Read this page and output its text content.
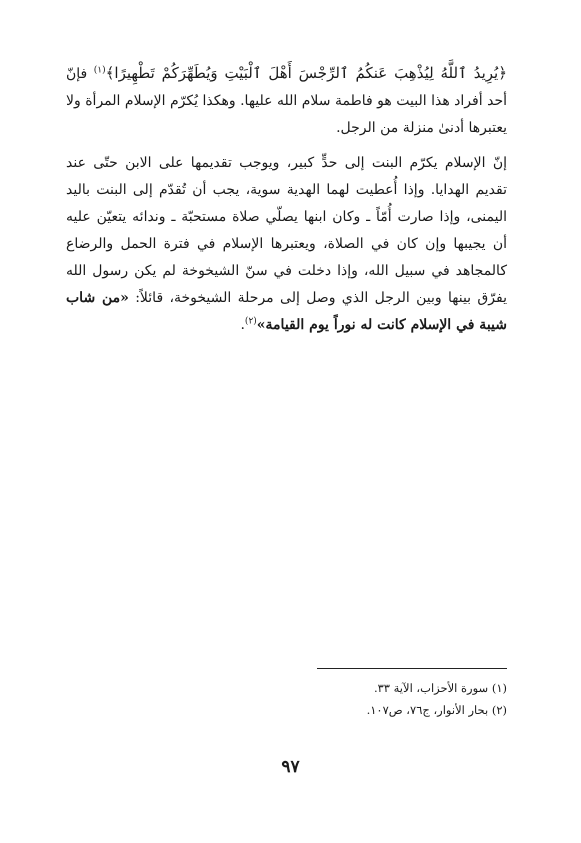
﴿يُرِيدُ ٱللَّهُ لِيُذْهِبَ عَنكُمُ ٱلرِّجْسَ أَهْلَ ٱلْبَيْتِ وَيُطَهِّرَكُمْ تَطْهِيرًا﴾$^{(١)}$ فإنّ أحد أفراد هذا البيت هو فاطمة سلام الله عليها. وهكذا يُكرّم الإسلام المرأة ولا يعتبرها أدنىٰ منزلة من الرجل.

إنّ الإسلام يكرّم البنت إلى حدٍّ كبير، ويوجب تقديمها على الابن حتّى عند تقديم الهدايا. وإذا أُعطيت لهما الهدية سوية، يجب أن تُقدّم إلى البنت باليد اليمنى، وإذا صارت أُمّاً ـ وكان ابنها يصلّي صلاة مستحبّة ـ وندائه يتعيّن عليه أن يجيبها وإن كان في الصلاة، ويعتبرها الإسلام في فترة الحمل والرضاع كالمجاهد في سبيل الله، وإذا دخلت في سنّ الشيخوخة لم يكن رسول الله يفرّق بينها وبين الرجل الذي وصل إلى مرحلة الشيخوخة، قائلاً: «من شاب شيبة في الإسلام كانت له نوراً يوم القيامة»$^{(٢)}$.

(١) سورة الأحزاب، الآية ٣٣.
(٢) بحار الأنوار، ج٧٦، ص١٠٧.
٩٧
